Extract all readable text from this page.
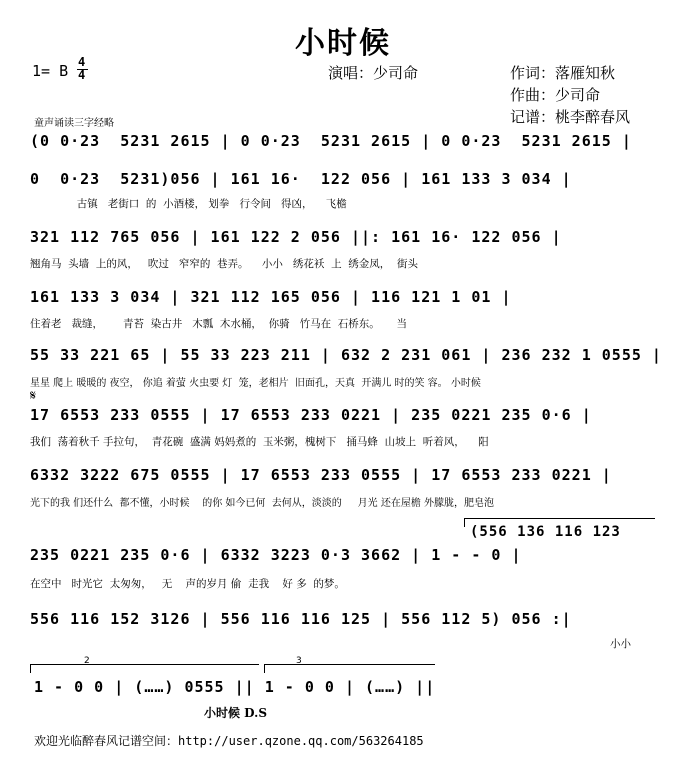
小时候
1= B 4
4	演唱：少司命	作词：落雁知秋
作曲：少司命
记谱：桃李醉春风
童声诵读三字经略
(0 0·23  5231 2615 | 0 0·23  5231 2615 | 0 0·23  5231 2615 |
0  0·23  5231)056 | 161 16·  122 056 | 161 133 3 034 |
古镇   老街口  的  小酒楼， 划拳   行令间   得凶，    飞檐
321 112 765 056 | 161 122 2 056 ||: 161 16· 122 056 |
翘角马  头墙  上的风，   吹过   窄窄的  巷弄。    小小   绣花袄  上  绣金凤，  街头
161 133 3 034 | 321 112 165 056 | 116 121 1 01 |
住着老   裁缝，      青苔  染古井   木瓢  木水桶，  你骑   竹马在  石桥东。     当
55 33 221 65 | 55 33 223 211 | 632 2 231 061 | 236 232 1 0555 |
星星 爬上 暖暖的 夜空， 你追 着萤 火虫要 灯  笼，老相片  旧面孔，天真  开满儿 时的笑 容。 小时候
𝄋
17 6553 233 0555 | 17 6553 233 0221 | 235 0221 235 0·6 |
我们  荡着秋千 手拉句，  青花碗  盛满 妈妈煮的  玉米粥，槐树下   捅马蜂  山坡上  听着风，    阳
6332 3222 675 0555 | 17 6553 233 0555 | 17 6553 233 0221 |
光下的我 们还什么  都不懂，小时候    的你 如今已何  去何从，淡淡的     月光 还在屋檐 外朦胧，肥皂泡
(556 136 116 123
235 0221 235 0·6 | 6332 3223 0·3 3662 | 1 - - 0 |
在空中   时光它  太匆匆，   无    声的岁月 偷  走我    好 多  的梦。
556 116 152 3126 | 556 116 116 125 | 556 112 5) 056 :|
小小
2	3
1 - 0 0 | (……) 0555 || 1 - 0 0 | (……) ||
小时候 D.S
欢迎光临醉春风记谱空间：http://user.qzone.qq.com/563264185
